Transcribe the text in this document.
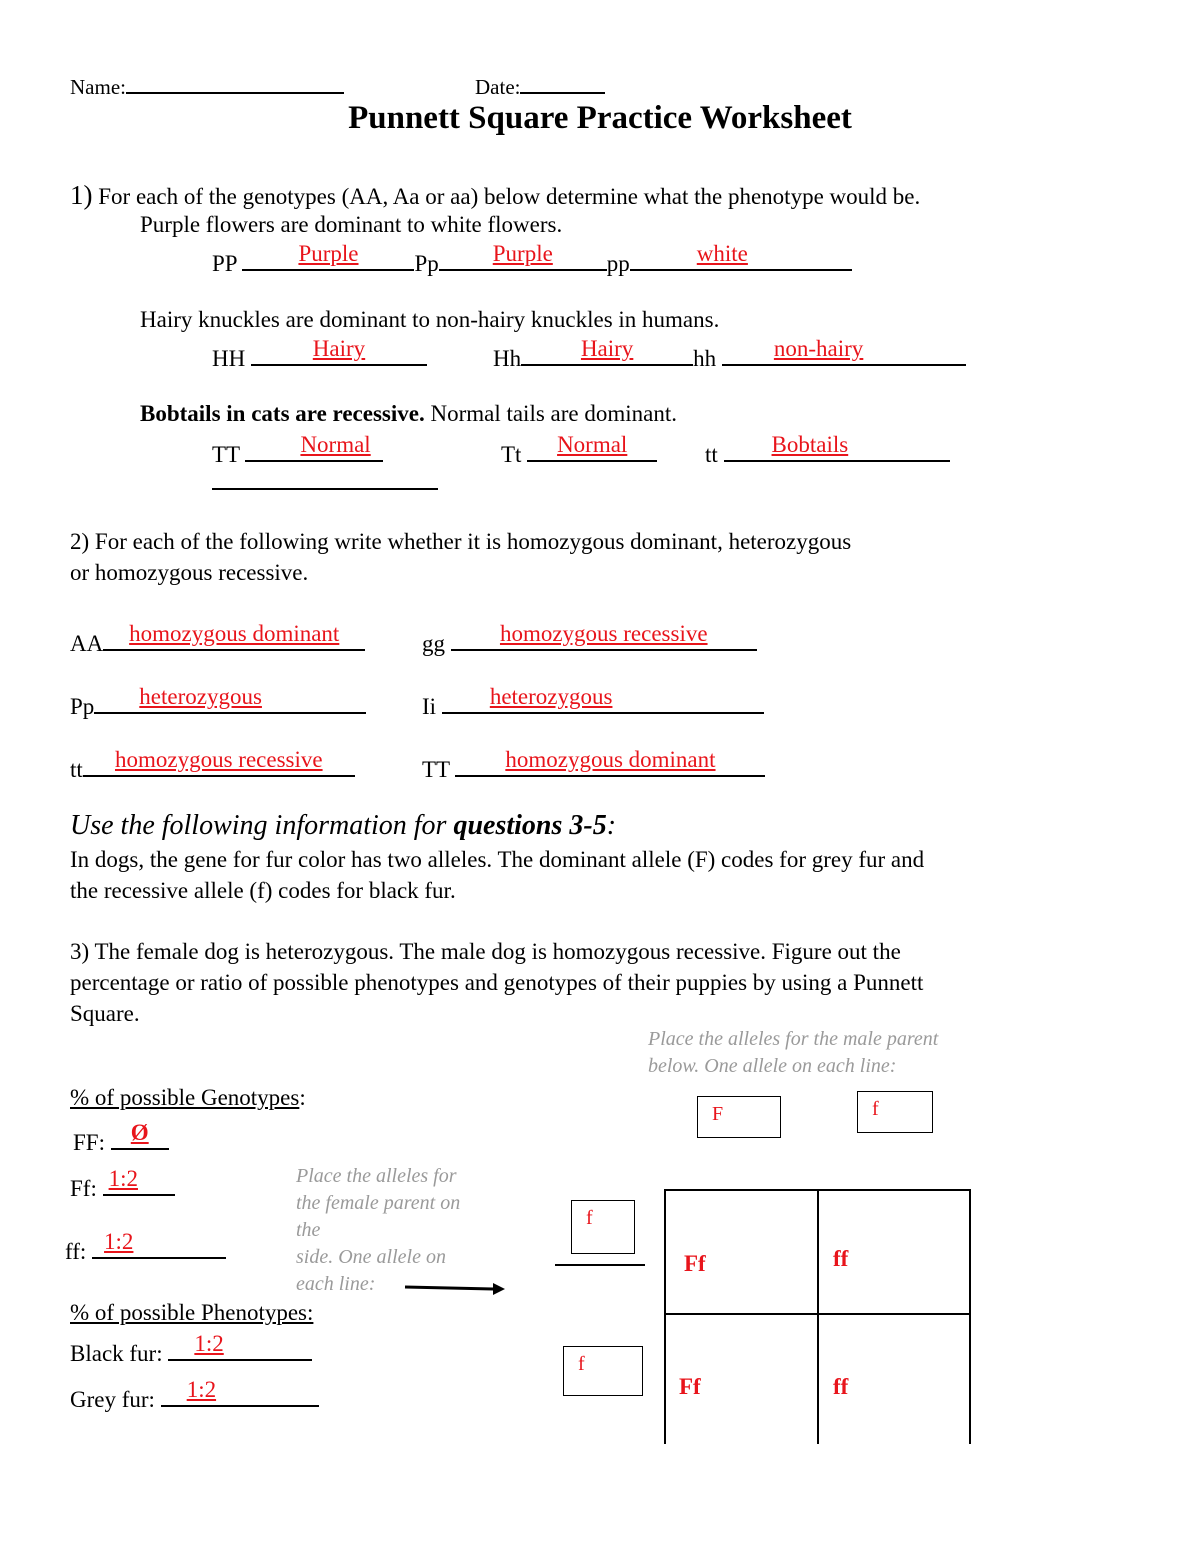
Name:	Date:
Punnett Square Practice Worksheet
1) For each of the genotypes (AA, Aa or aa) below determine what the phenotype would be.
Purple flowers are dominant to white flowers.
PP	Purple	Pp	Purple	pp	white
Hairy knuckles are dominant to non-hairy knuckles in humans.
HH	Hairy	Hh	Hairy	hh	non-hairy
Bobtails in cats are recessive. Normal tails are dominant.
TT	Normal	Tt	Normal	tt	Bobtails
2) For each of the following write whether it is homozygous dominant, heterozygous
or homozygous recessive.
AA	homozygous dominant	gg	homozygous recessive
Pp	heterozygous	Ii	heterozygous
tt	homozygous recessive	TT	homozygous dominant
Use the following information for questions 3-5:
In dogs, the gene for fur color has two alleles. The dominant allele (F) codes for grey fur and
the recessive allele (f) codes for black fur.
3) The female dog is heterozygous. The male dog is homozygous recessive. Figure out the
percentage or ratio of possible phenotypes and genotypes of their puppies by using a Punnett
Square.
Place the alleles for the male parent
below. One allele on each line:
% of possible Genotypes:
FF:	Ø
Ff: 1:2
ff: 1:2
Place the alleles for
the female parent on
the
side. One allele on
each line:
% of possible Phenotypes:
Black fur:	1:2
Grey fur:	1:2
F	f
f
f
Ff	ff
Ff	ff
